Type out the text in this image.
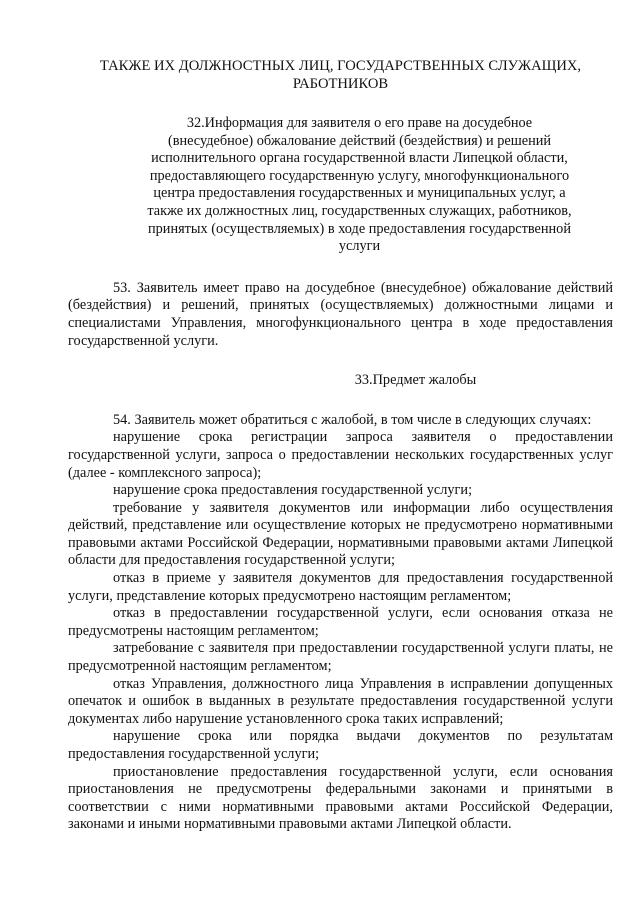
ТАКЖЕ ИХ ДОЛЖНОСТНЫХ ЛИЦ, ГОСУДАРСТВЕННЫХ СЛУЖАЩИХ, РАБОТНИКОВ

32.Информация для заявителя о его праве на досудебное (внесудебное) обжалование действий (бездействия) и решений исполнительного органа государственной власти Липецкой области, предоставляющего государственную услугу, многофункционального центра предоставления государственных и муниципальных услуг, а также их должностных лиц, государственных служащих, работников, принятых (осуществляемых) в ходе предоставления государственной услуги

53. Заявитель имеет право на досудебное (внесудебное) обжалование действий (бездействия) и решений, принятых (осуществляемых) должностными лицами и специалистами Управления, многофункционального центра в ходе предоставления государственной услуги.

33.Предмет жалобы

54. Заявитель может обратиться с жалобой, в том числе в следующих случаях:

нарушение срока регистрации запроса заявителя о предоставлении государственной услуги, запроса о предоставлении нескольких государственных услуг (далее - комплексного запроса);

нарушение срока предоставления государственной услуги;

требование у заявителя документов или информации либо осуществления действий, представление или осуществление которых не предусмотрено нормативными правовыми актами Российской Федерации, нормативными правовыми актами Липецкой области для предоставления государственной услуги;

отказ в приеме у заявителя документов для предоставления государственной услуги, представление которых предусмотрено настоящим регламентом;

отказ в предоставлении государственной услуги, если основания отказа не предусмотрены настоящим регламентом;

затребование с заявителя при предоставлении государственной услуги платы, не предусмотренной настоящим регламентом;

отказ Управления, должностного лица Управления в исправлении допущенных опечаток и ошибок в выданных в результате предоставления государственной услуги документах либо нарушение установленного срока таких исправлений;

нарушение срока или порядка выдачи документов по результатам предоставления государственной услуги;

приостановление предоставления государственной услуги, если основания приостановления не предусмотрены федеральными законами и принятыми в соответствии с ними нормативными правовыми актами Российской Федерации, законами и иными нормативными правовыми актами Липецкой области.
